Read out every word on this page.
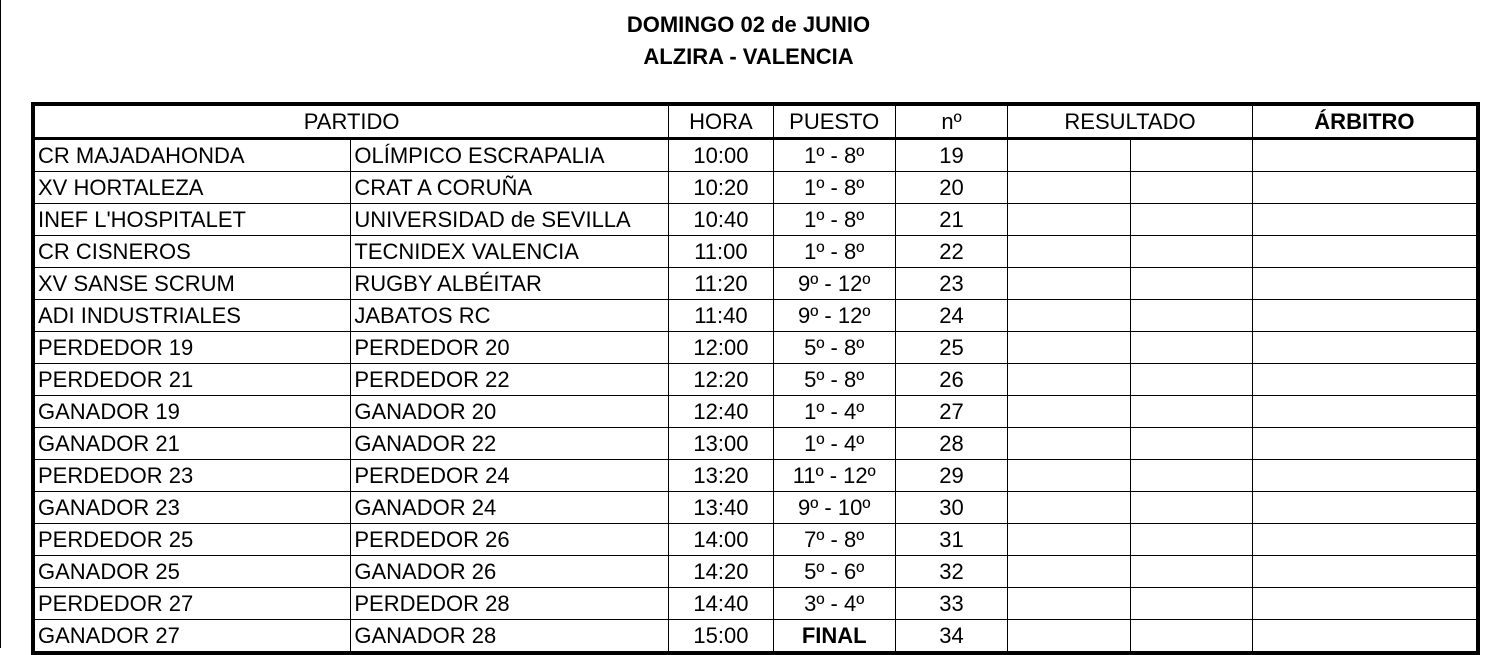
DOMINGO 02 de JUNIO
ALZIRA - VALENCIA
PARTIDO		HORA	PUESTO	nº	RESULTADO		ÁRBITRO
CR MAJADAHONDA	OLÍMPICO ESCRAPALIA	10:00	1º - 8º	19			
XV HORTALEZA	CRAT A CORUÑA	10:20	1º - 8º	20			
INEF L'HOSPITALET	UNIVERSIDAD de SEVILLA	10:40	1º - 8º	21			
CR CISNEROS	TECNIDEX VALENCIA	11:00	1º - 8º	22			
XV SANSE SCRUM	RUGBY ALBÉITAR	11:20	9º - 12º	23			
ADI INDUSTRIALES	JABATOS RC	11:40	9º - 12º	24			
PERDEDOR 19	PERDEDOR 20	12:00	5º - 8º	25			
PERDEDOR 21	PERDEDOR 22	12:20	5º - 8º	26			
GANADOR 19	GANADOR 20	12:40	1º - 4º	27			
GANADOR 21	GANADOR 22	13:00	1º - 4º	28			
PERDEDOR 23	PERDEDOR 24	13:20	11º - 12º	29			
GANADOR 23	GANADOR 24	13:40	9º - 10º	30			
PERDEDOR 25	PERDEDOR 26	14:00	7º - 8º	31			
GANADOR 25	GANADOR 26	14:20	5º - 6º	32			
PERDEDOR 27	PERDEDOR 28	14:40	3º - 4º	33			
GANADOR 27	GANADOR 28	15:00	FINAL	34			
